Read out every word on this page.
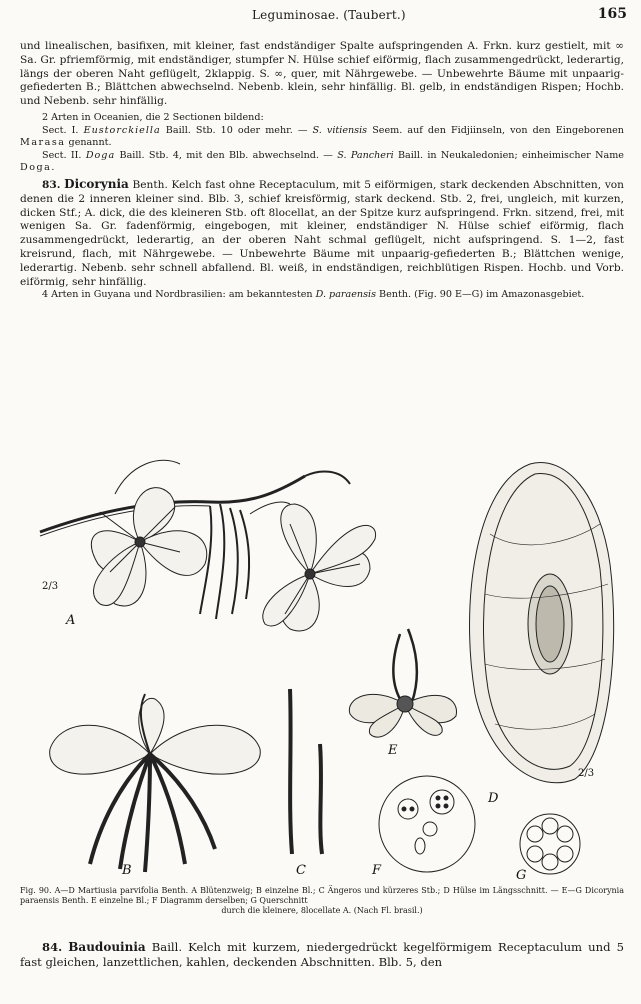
Leguminosae. (Taubert.)	165

und linealischen, basifixen, mit kleiner, fast endständiger Spalte aufspringenden A. Frkn. kurz gestielt, mit ∞ Sa. Gr. pfriemförmig, mit endständiger, stumpfer N. Hülse schief eiförmig, flach zusammengedrückt, lederartig, längs der oberen Naht geflügelt, 2klappig. S. ∞, quer, mit Nährgewebe. — Unbewehrte Bäume mit unpaarig-gefiederten B.; Blättchen abwechselnd. Nebenb. klein, sehr hinfällig. Bl. gelb, in endständigen Rispen; Hochb. und Nebenb. sehr hinfällig.

2 Arten in Oceanien, die 2 Sectionen bildend:

Sect. I. Eustorckiella Baill. Stb. 10 oder mehr. — S. vitiensis Seem. auf den Fidjiinseln, von den Eingeborenen Marasa genannt.

Sect. II. Doga Baill. Stb. 4, mit den Blb. abwechselnd. — S. Pancheri Baill. in Neukaledonien; einheimischer Name Doga.

83. Dicorynia Benth. Kelch fast ohne Receptaculum, mit 5 eiförmigen, stark deckenden Abschnitten, von denen die 2 inneren kleiner sind. Blb. 3, schief kreisförmig, stark deckend. Stb. 2, frei, ungleich, mit kurzen, dicken Stf.; A. dick, die des kleineren Stb. oft 8locellat, an der Spitze kurz aufspringend. Frkn. sitzend, frei, mit wenigen Sa. Gr. fadenförmig, eingebogen, mit kleiner, endständiger N. Hülse schief eiförmig, flach zusammengedrückt, lederartig, an der oberen Naht schmal geflügelt, nicht aufspringend. S. 1—2, fast kreisrund, flach, mit Nährgewebe. — Unbewehrte Bäume mit unpaarig-gefiederten B.; Blättchen wenige, lederartig. Nebenb. sehr schnell abfallend. Bl. weiß, in endständigen, reichblütigen Rispen. Hochb. und Vorb. eiförmig, sehr hinfällig.

4 Arten in Guyana und Nordbrasilien: am bekanntesten D. paraensis Benth. (Fig. 90 E—G) im Amazonasgebiet.

A
2/3
B	C
D
2/3
E
F	G
Fig. 90. A—D Martiusia parvifolia Benth. A Blütenzweig; B einzelne Bl.; C Ängeros und kürzeres Stb.; D Hülse im Längsschnitt. — E—G Dicorynia paraensis Benth. E einzelne Bl.; F Diagramm derselben; G Querschnitt
durch die kleinere, 8locellate A. (Nach Fl. brasil.)

84. Baudouinia Baill. Kelch mit kurzem, niedergedrückt kegelförmigem Receptaculum und 5 fast gleichen, lanzettlichen, kahlen, deckenden Abschnitten. Blb. 5, den
